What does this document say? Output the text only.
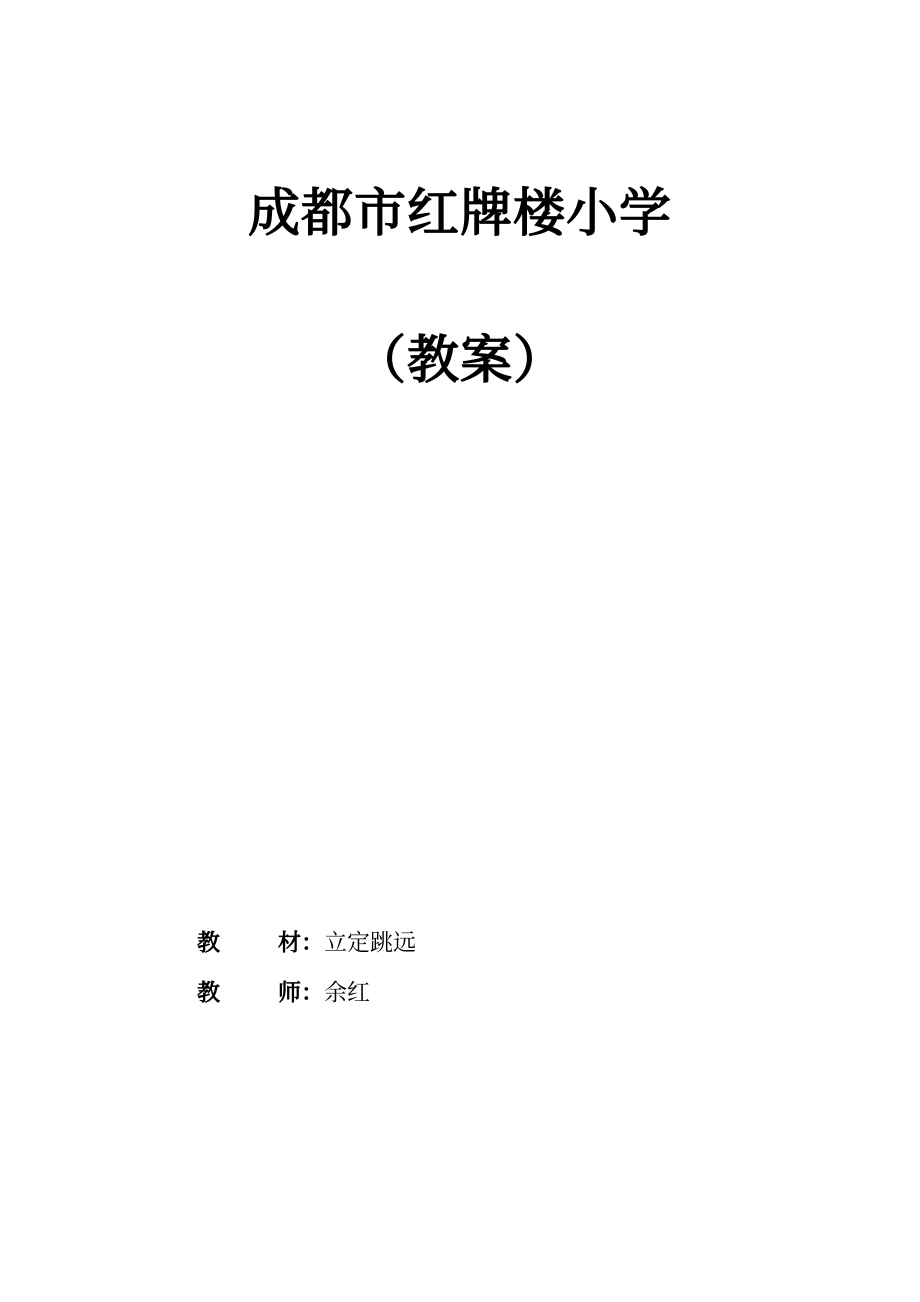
成都市红牌楼小学
（教案）
教	材： 立定跳远
教	师： 余红
